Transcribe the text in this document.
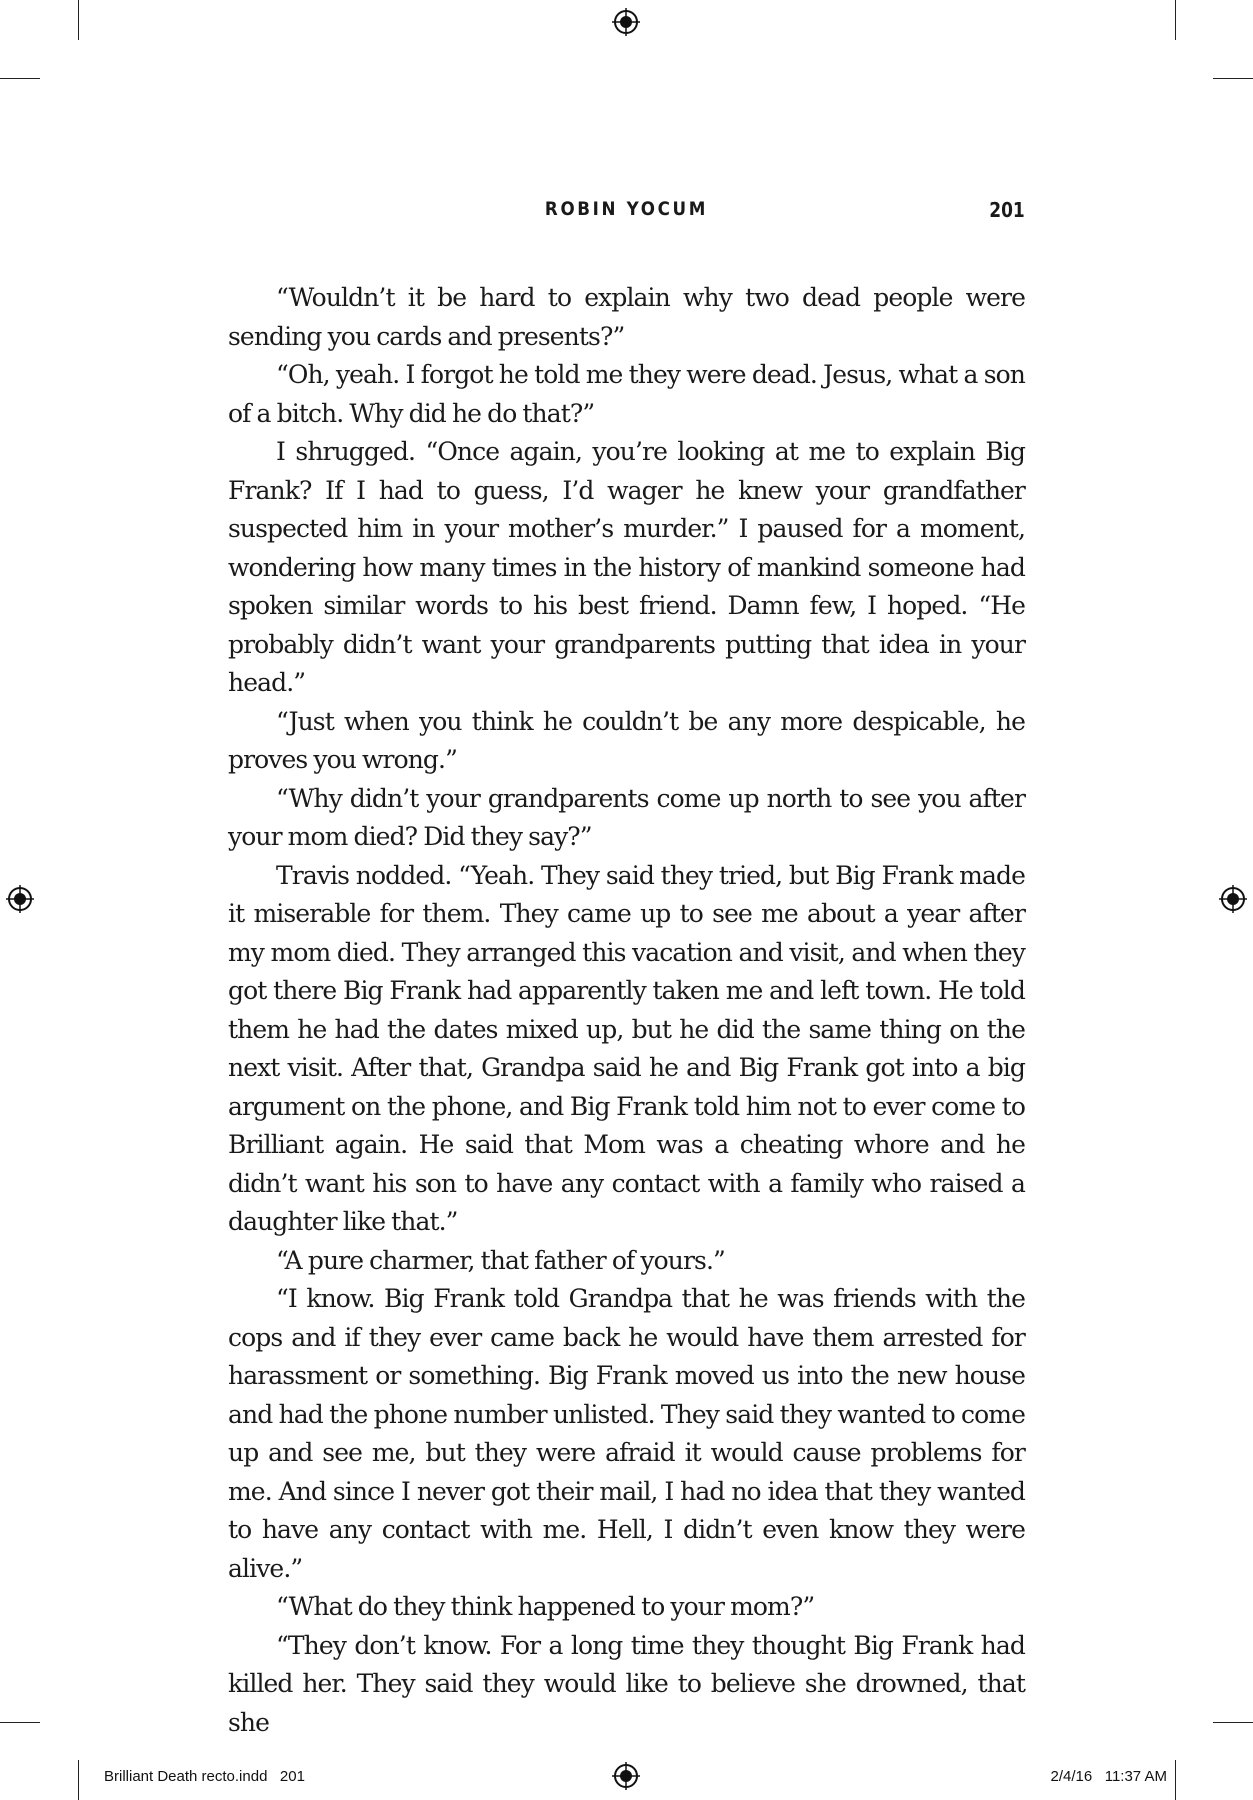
ROBIN YOCUM	201

“Wouldn’t it be hard to explain why two dead people were sending you cards and presents?”

“Oh, yeah. I forgot he told me they were dead. Jesus, what a son of a bitch. Why did he do that?”

I shrugged. “Once again, you’re looking at me to explain Big Frank? If I had to guess, I’d wager he knew your grandfather suspected him in your mother’s murder.” I paused for a moment, wondering how many times in the history of mankind someone had spoken similar words to his best friend. Damn few, I hoped. “He probably didn’t want your grandparents putting that idea in your head.”

“Just when you think he couldn’t be any more despicable, he proves you wrong.”

“Why didn’t your grandparents come up north to see you after your mom died? Did they say?”

Travis nodded. “Yeah. They said they tried, but Big Frank made it miserable for them. They came up to see me about a year after my mom died. They arranged this vacation and visit, and when they got there Big Frank had apparently taken me and left town. He told them he had the dates mixed up, but he did the same thing on the next visit. After that, Grandpa said he and Big Frank got into a big argument on the phone, and Big Frank told him not to ever come to Brilliant again. He said that Mom was a cheating whore and he didn’t want his son to have any contact with a family who raised a daughter like that.”

“A pure charmer, that father of yours.”

“I know. Big Frank told Grandpa that he was friends with the cops and if they ever came back he would have them arrested for harassment or something. Big Frank moved us into the new house and had the phone number unlisted. They said they wanted to come up and see me, but they were afraid it would cause problems for me. And since I never got their mail, I had no idea that they wanted to have any contact with me. Hell, I didn’t even know they were alive.”

“What do they think happened to your mom?”

“They don’t know. For a long time they thought Big Frank had killed her. They said they would like to believe she drowned, that she

Brilliant Death recto.indd   201	2/4/16   11:37 AM
